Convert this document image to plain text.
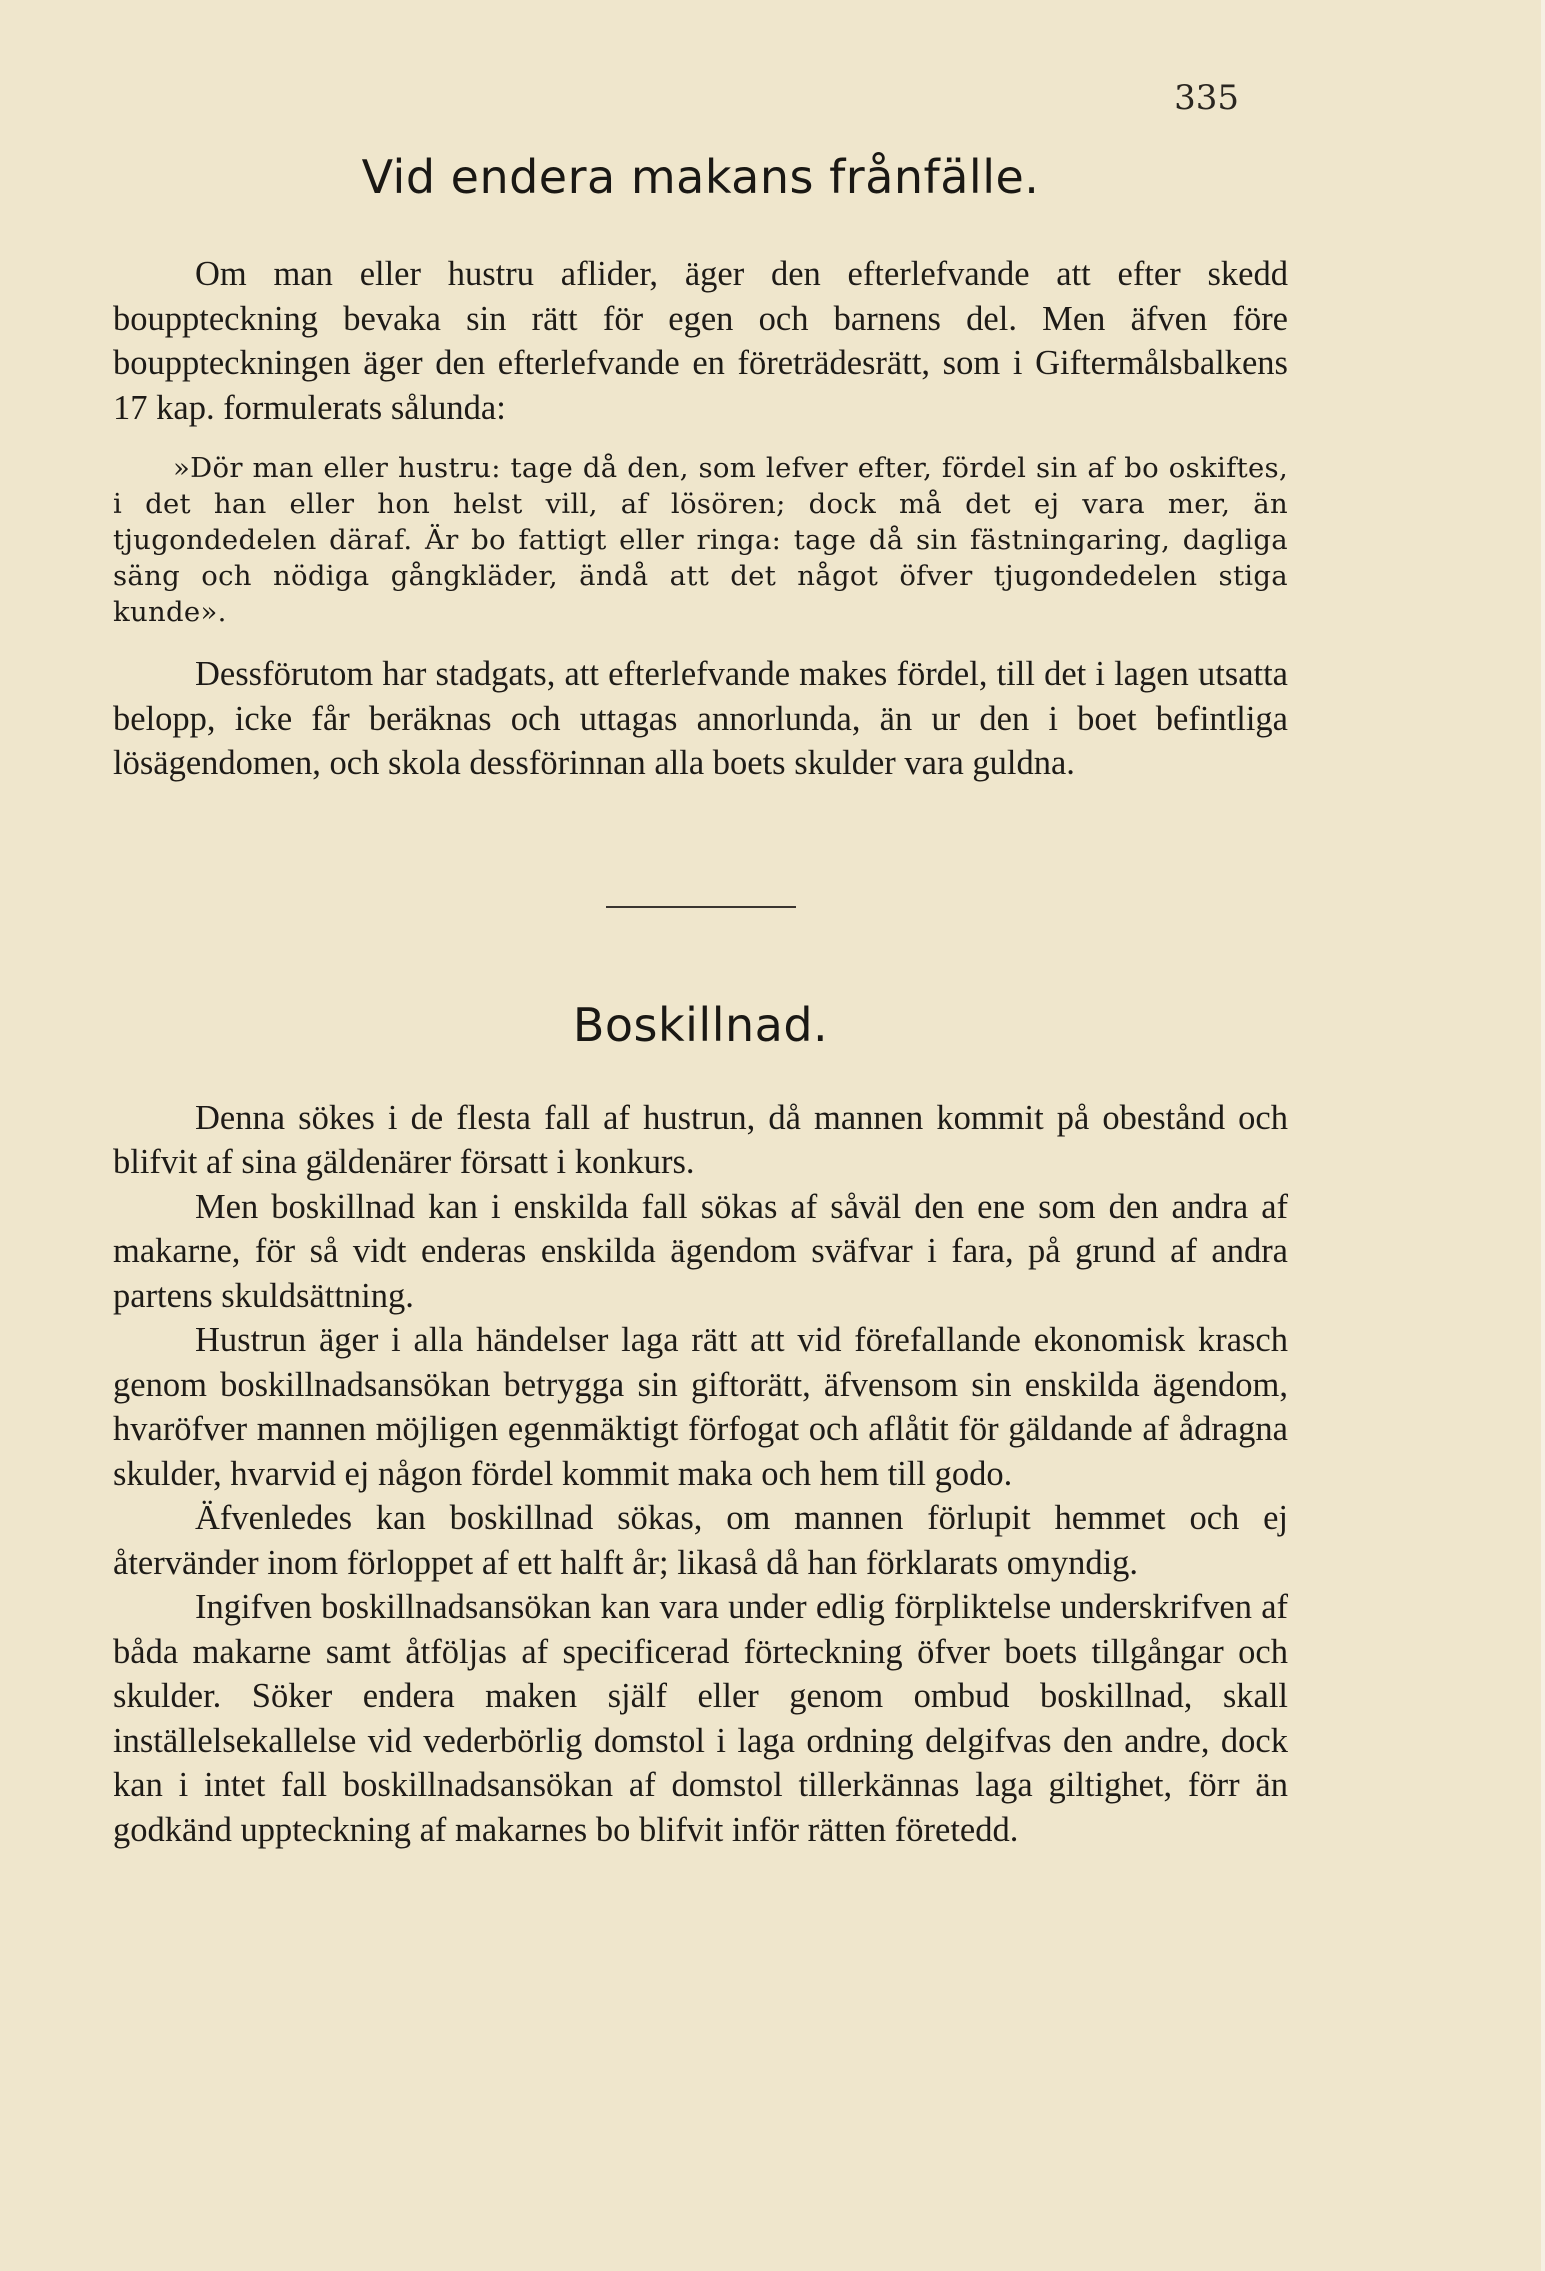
335
Vid endera makans frånfälle.

Om man eller hustru aflider, äger den efterlefvande att efter skedd bouppteckning bevaka sin rätt för egen och barnens del. Men äfven före bouppteckningen äger den efterlefvande en företrädesrätt, som i Giftermålsbalkens 17 kap. formulerats sålunda:

»Dör man eller hustru: tage då den, som lefver efter, fördel sin af bo oskiftes, i det han eller hon helst vill, af lösören; dock må det ej vara mer, än tjugondedelen däraf. Är bo fattigt eller ringa: tage då sin fästningaring, dagliga säng och nödiga gångkläder, ändå att det något öfver tjugondedelen stiga kunde».

Dessförutom har stadgats, att efterlefvande makes fördel, till det i lagen utsatta belopp, icke får beräknas och uttagas annorlunda, än ur den i boet befintliga lösägendomen, och skola dessförinnan alla boets skulder vara guldna.

Boskillnad.

Denna sökes i de flesta fall af hustrun, då mannen kommit på obestånd och blifvit af sina gäldenärer försatt i konkurs.

Men boskillnad kan i enskilda fall sökas af såväl den ene som den andra af makarne, för så vidt enderas enskilda ägendom sväfvar i fara, på grund af andra partens skuldsättning.

Hustrun äger i alla händelser laga rätt att vid förefallande ekonomisk krasch genom boskillnadsansökan betrygga sin giftorätt, äfvensom sin enskilda ägendom, hvaröfver mannen möjligen egenmäktigt förfogat och aflåtit för gäldande af ådragna skulder, hvarvid ej någon fördel kommit maka och hem till godo.

Äfvenledes kan boskillnad sökas, om mannen förlupit hemmet och ej återvänder inom förloppet af ett halft år; likaså då han förklarats omyndig.

Ingifven boskillnadsansökan kan vara under edlig förpliktelse underskrifven af båda makarne samt åtföljas af specificerad förteckning öfver boets tillgångar och skulder. Söker endera maken själf eller genom ombud boskillnad, skall inställelsekallelse vid vederbörlig domstol i laga ordning delgifvas den andre, dock kan i intet fall boskillnadsansökan af domstol tillerkännas laga giltighet, förr än godkänd uppteckning af makarnes bo blifvit inför rätten företedd.
